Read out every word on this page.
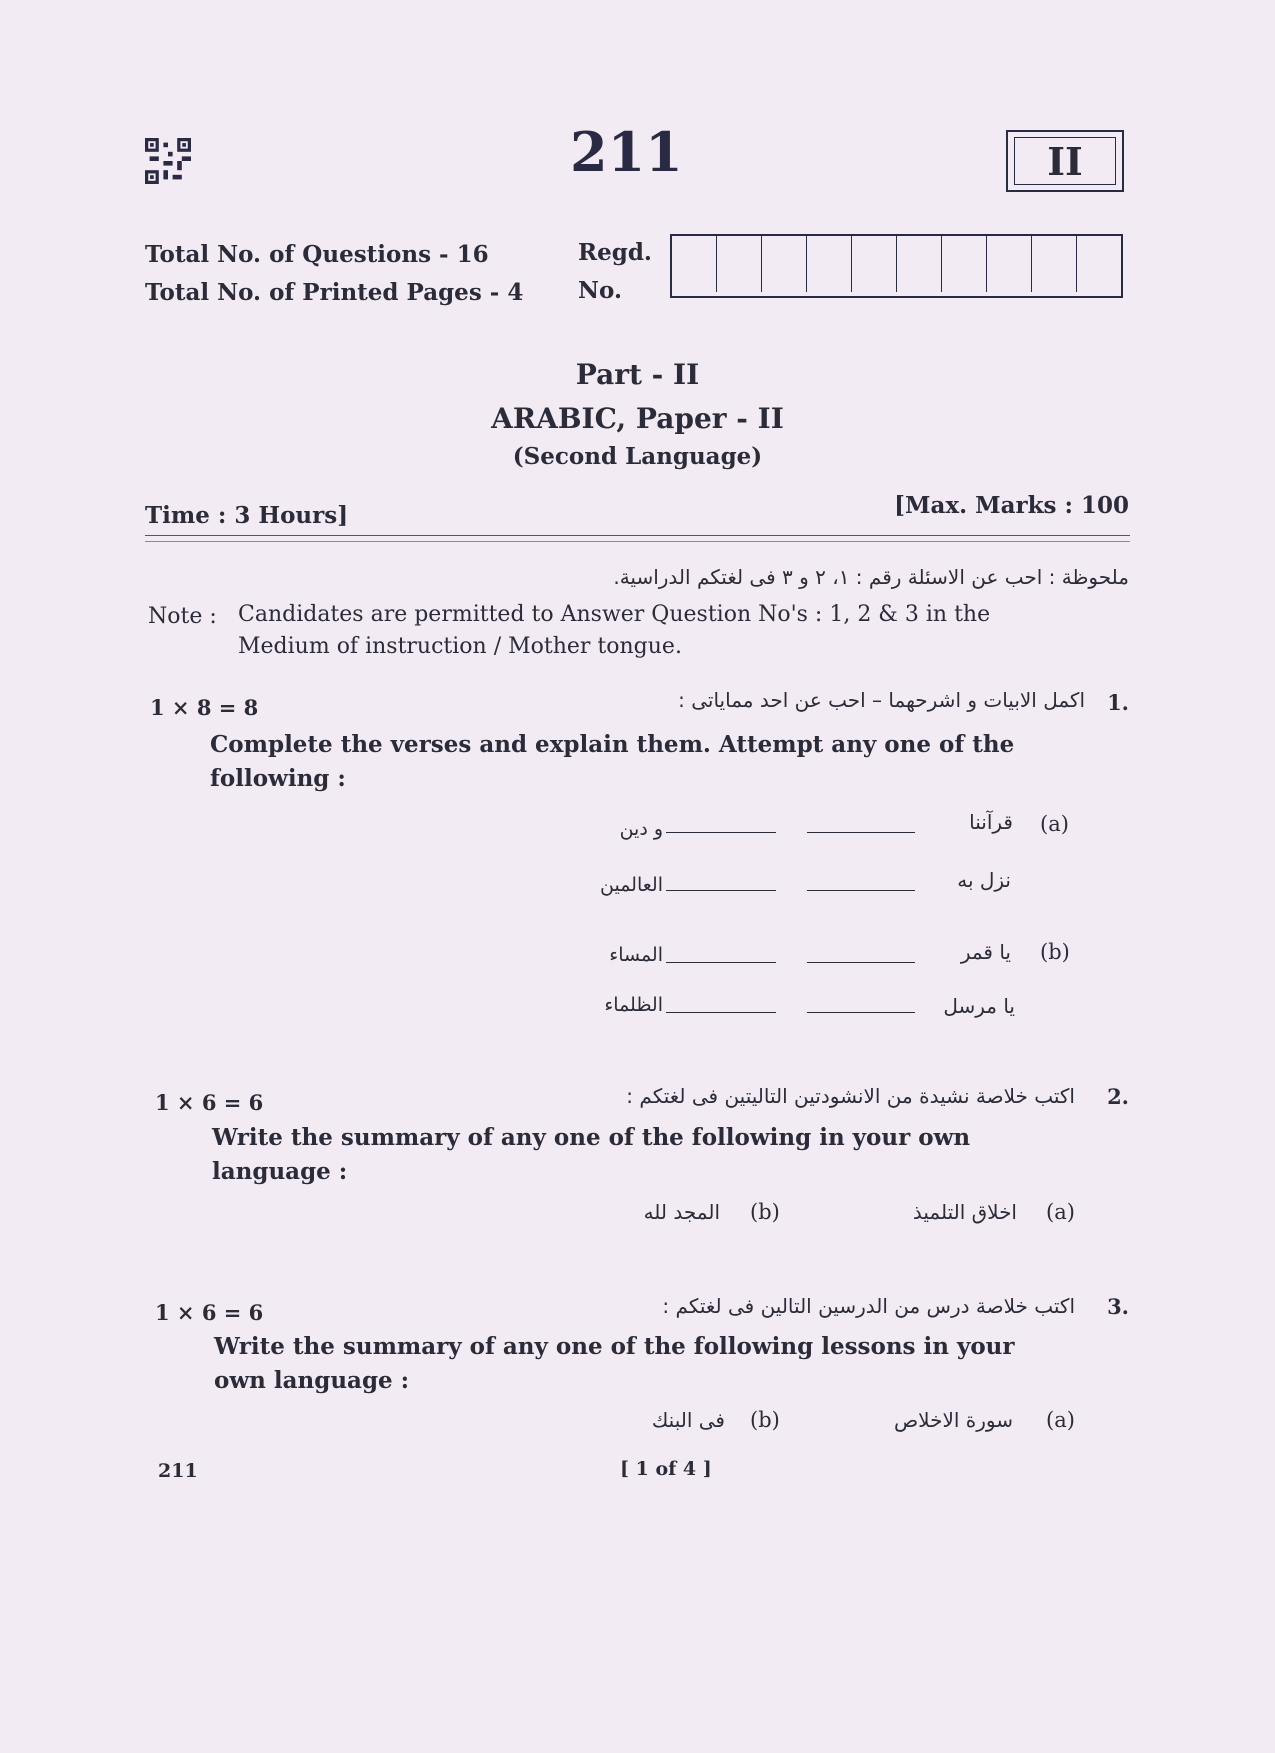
211	II
Total No. of Questions - 16
Total No. of Printed Pages - 4
Regd.
No.
Part - II
ARABIC, Paper - II
(Second Language)
Time : 3 Hours]	[Max. Marks : 100
ملحوظة : احب عن الاسئلة رقم : ۱، ۲ و ۳ فی لغتكم الدراسية.
Note : Candidates are permitted to Answer Question No's : 1, 2 & 3 in the
Medium of instruction / Mother tongue.
1 × 8 = 8	1.
اكمل الابيات و اشرحهما – احب عن احد ممایاتی :
Complete the verses and explain them. Attempt any one of the
following :
(a)
قرآننا
و دين
نزل به
العالمين
(b)
يا قمر
المساء
يا مرسل
الظلماء
1 × 6 = 6	2.
اكتب خلاصة نشيدة من الانشودتين التاليتين فى لغتكم :
Write the summary of any one of the following in your own
language :
(a)
اخلاق التلميذ
(b)
المجد لله
1 × 6 = 6	3.
اكتب خلاصة درس من الدرسين التالين فى لغتكم :
Write the summary of any one of the following lessons in your
own language :
(a)
سورة الاخلاص
(b)
فى البنك
211	[ 1 of 4 ]
